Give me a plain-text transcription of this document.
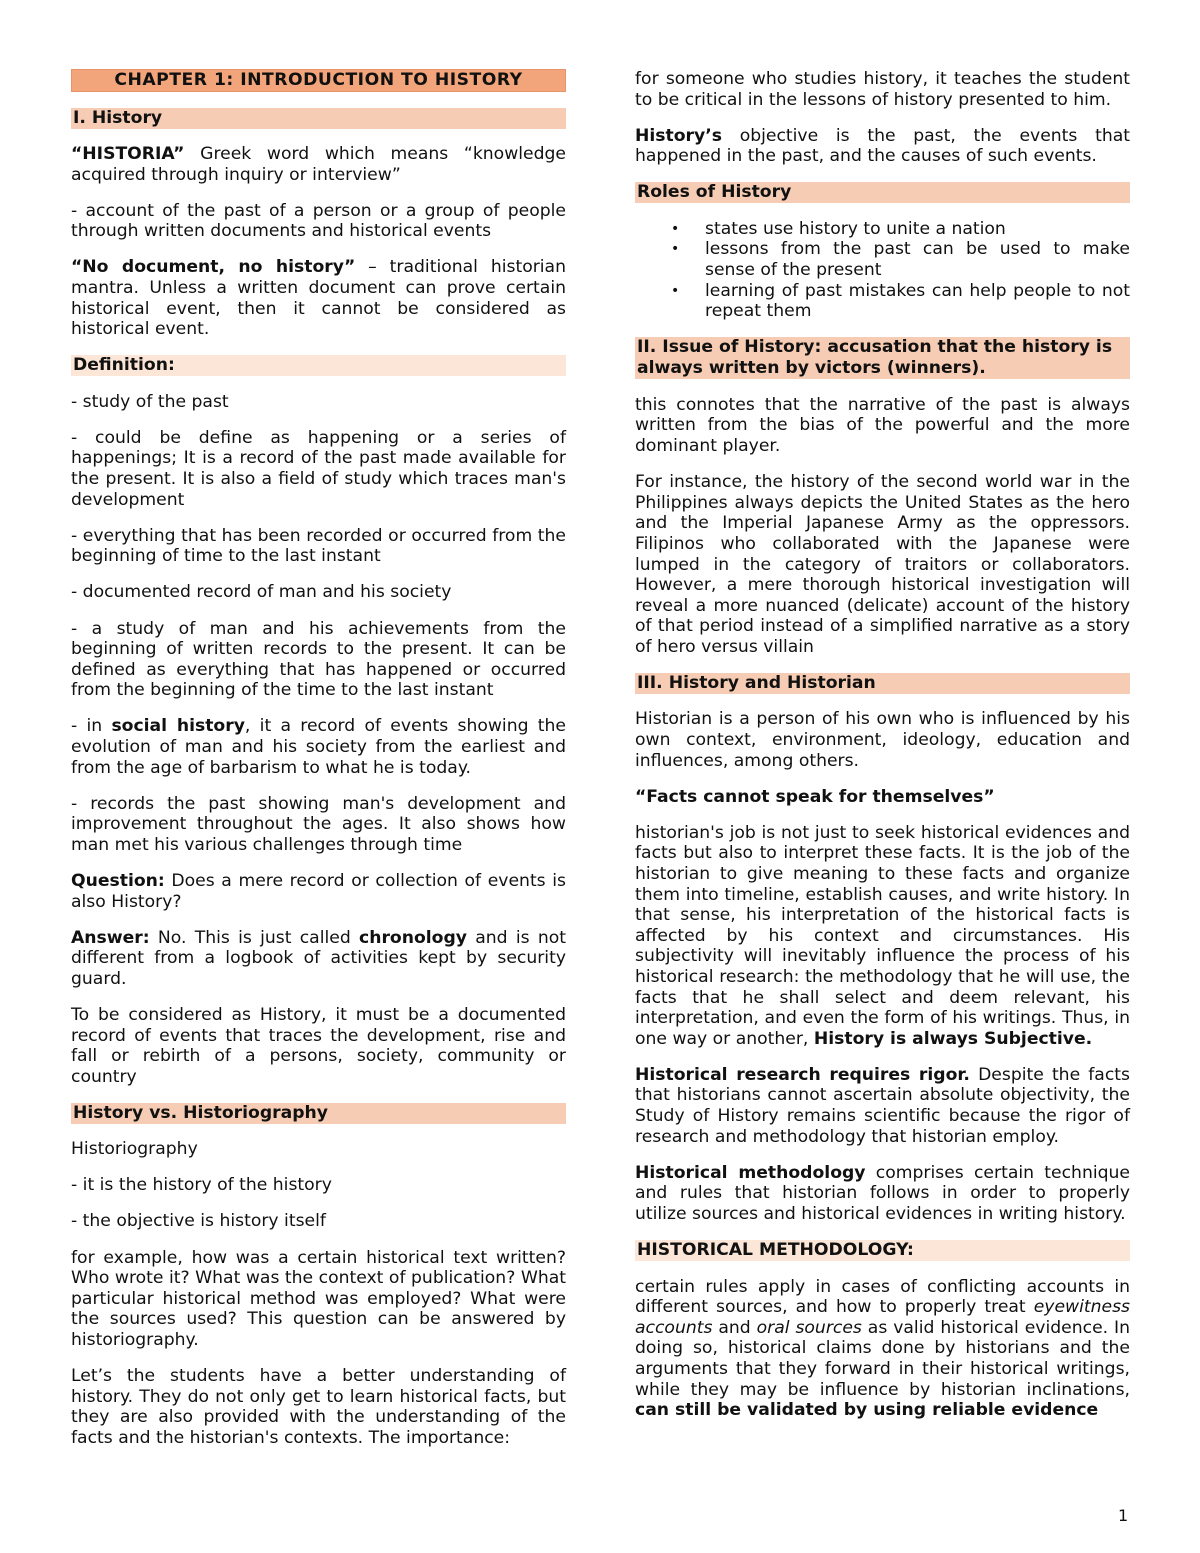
CHAPTER 1: INTRODUCTION TO HISTORY
I. History

“HISTORIA” Greek word which means “knowledge acquired through inquiry or interview”

- account of the past of a person or a group of people through written documents and historical events

“No document, no history” – traditional historian mantra. Unless a written document can prove certain historical event, then it cannot be considered as historical event.

Definition:

- study of the past

- could be define as happening or a series of happenings; It is a record of the past made available for the present. It is also a field of study which traces man's development

- everything that has been recorded or occurred from the beginning of time to the last instant

- documented record of man and his society

- a study of man and his achievements from the beginning of written records to the present. It can be defined as everything that has happened or occurred from the beginning of the time to the last instant

- in social history, it a record of events showing the evolution of man and his society from the earliest and from the age of barbarism to what he is today.

- records the past showing man's development and improvement throughout the ages. It also shows how man met his various challenges through time

Question: Does a mere record or collection of events is also History?

Answer: No. This is just called chronology and is not different from a logbook of activities kept by security guard.

To be considered as History, it must be a documented record of events that traces the development, rise and fall or rebirth of a persons, society, community or country

History vs. Historiography

Historiography

- it is the history of the history

- the objective is history itself

for example, how was a certain historical text written? Who wrote it? What was the context of publication? What particular historical method was employed? What were the sources used? This question can be answered by historiography.

Let’s the students have a better understanding of history. They do not only get to learn historical facts, but they are also provided with the understanding of the facts and the historian's contexts. The importance:

for someone who studies history, it teaches the student to be critical in the lessons of history presented to him.

History’s objective is the past, the events that happened in the past, and the causes of such events.

Roles of History
• states use history to unite a nation
• lessons from the past can be used to make sense of the present
• learning of past mistakes can help people to not repeat them
II. Issue of History: accusation that the history is always written by victors (winners).

this connotes that the narrative of the past is always written from the bias of the powerful and the more dominant player.

For instance, the history of the second world war in the Philippines always depicts the United States as the hero and the Imperial Japanese Army as the oppressors. Filipinos who collaborated with the Japanese were lumped in the category of traitors or collaborators. However, a mere thorough historical investigation will reveal a more nuanced (delicate) account of the history of that period instead of a simplified narrative as a story of hero versus villain

III. History and Historian

Historian is a person of his own who is influenced by his own context, environment, ideology, education and influences, among others.

“Facts cannot speak for themselves”

historian's job is not just to seek historical evidences and facts but also to interpret these facts. It is the job of the historian to give meaning to these facts and organize them into timeline, establish causes, and write history. In that sense, his interpretation of the historical facts is affected by his context and circumstances. His subjectivity will inevitably influence the process of his historical research: the methodology that he will use, the facts that he shall select and deem relevant, his interpretation, and even the form of his writings. Thus, in one way or another, History is always Subjective.

Historical research requires rigor. Despite the facts that historians cannot ascertain absolute objectivity, the Study of History remains scientific because the rigor of research and methodology that historian employ.

Historical methodology comprises certain technique and rules that historian follows in order to properly utilize sources and historical evidences in writing history.

HISTORICAL METHODOLOGY:

certain rules apply in cases of conflicting accounts in different sources, and how to properly treat eyewitness accounts and oral sources as valid historical evidence. In doing so, historical claims done by historians and the arguments that they forward in their historical writings, while they may be influence by historian inclinations, can still be validated by using reliable evidence

1
